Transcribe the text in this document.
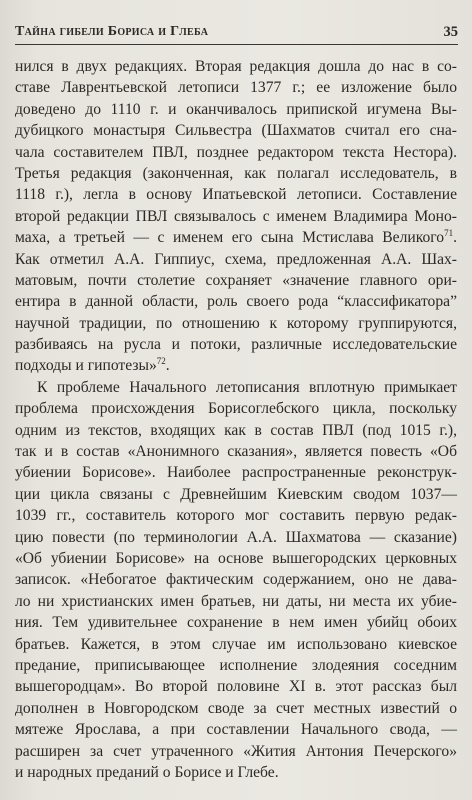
Тайна гибели Бориса и Глеба	35
нился в двух редакциях. Вторая редакция дошла до нас в со-
ставе Лаврентьевской летописи 1377 г.; ее изложение было
доведено до 1110 г. и оканчивалось припиской игумена Вы-
дубицкого монастыря Сильвестра (Шахматов считал его сна-
чала составителем ПВЛ, позднее редактором текста Нестора).
Третья редакция (законченная, как полагал исследователь, в
1118 г.), легла в основу Ипатьевской летописи. Составление
второй редакции ПВЛ связывалось с именем Владимира Моно-
маха, а третьей — с именем его сына Мстислава Великого$^{71}$.
Как отметил А.А. Гиппиус, схема, предложенная А.А. Шах-
матовым, почти столетие сохраняет «значение главного ори-
ентира в данной области, роль своего рода “классификатора”
научной традиции, по отношению к которому группируются,
разбиваясь на русла и потоки, различные исследовательские
подходы и гипотезы»$^{72}$.
К проблеме Начального летописания вплотную примыкает
проблема происхождения Борисоглебского цикла, поскольку
одним из текстов, входящих как в состав ПВЛ (под 1015 г.),
так и в состав «Анонимного сказания», является повесть «Об
убиении Борисове». Наиболее распространенные реконструк-
ции цикла связаны с Древнейшим Киевским сводом 1037—
1039 гг., составитель которого мог составить первую редак-
цию повести (по терминологии А.А. Шахматова — сказание)
«Об убиении Борисове» на основе вышегородских церковных
записок. «Небогатое фактическим содержанием, оно не дава-
ло ни христианских имен братьев, ни даты, ни места их убие-
ния. Тем удивительнее сохранение в нем имен убийц обоих
братьев. Кажется, в этом случае им использовано киевское
предание, приписывающее исполнение злодеяния соседним
вышегородцам». Во второй половине XI в. этот рассказ был
дополнен в Новгородском своде за счет местных известий о
мятеже Ярослава, а при составлении Начального свода, —
расширен за счет утраченного «Жития Антония Печерского»
и народных преданий о Борисе и Глебе.
